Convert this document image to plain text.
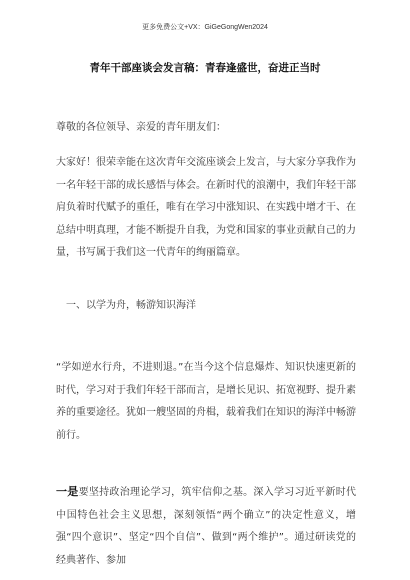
更多免费公文+VX：GiGeGongWen2024
青年干部座谈会发言稿：青春逢盛世，奋进正当时
尊敬的各位领导、亲爱的青年朋友们：

大家好！很荣幸能在这次青年交流座谈会上发言，与大家分享我作为一名年轻干部的成长感悟与体会。在新时代的浪潮中，我们年轻干部肩负着时代赋予的重任，唯有在学习中涨知识、在实践中增才干、在总结中明真理，才能不断提升自我，为党和国家的事业贡献自己的力量，书写属于我们这一代青年的绚丽篇章。

一、以学为舟，畅游知识海洋

“学如逆水行舟，不进则退。”在当今这个信息爆炸、知识快速更新的时代，学习对于我们年轻干部而言，是增长见识、拓宽视野、提升素养的重要途径。犹如一艘坚固的舟楫，载着我们在知识的海洋中畅游前行。

一是要坚持政治理论学习，筑牢信仰之基。深入学习习近平新时代中国特色社会主义思想，深刻领悟“两个确立”的决定性意义，增强“四个意识”、坚定“四个自信”、做到“两个维护”。通过研读党的经典著作、参加
